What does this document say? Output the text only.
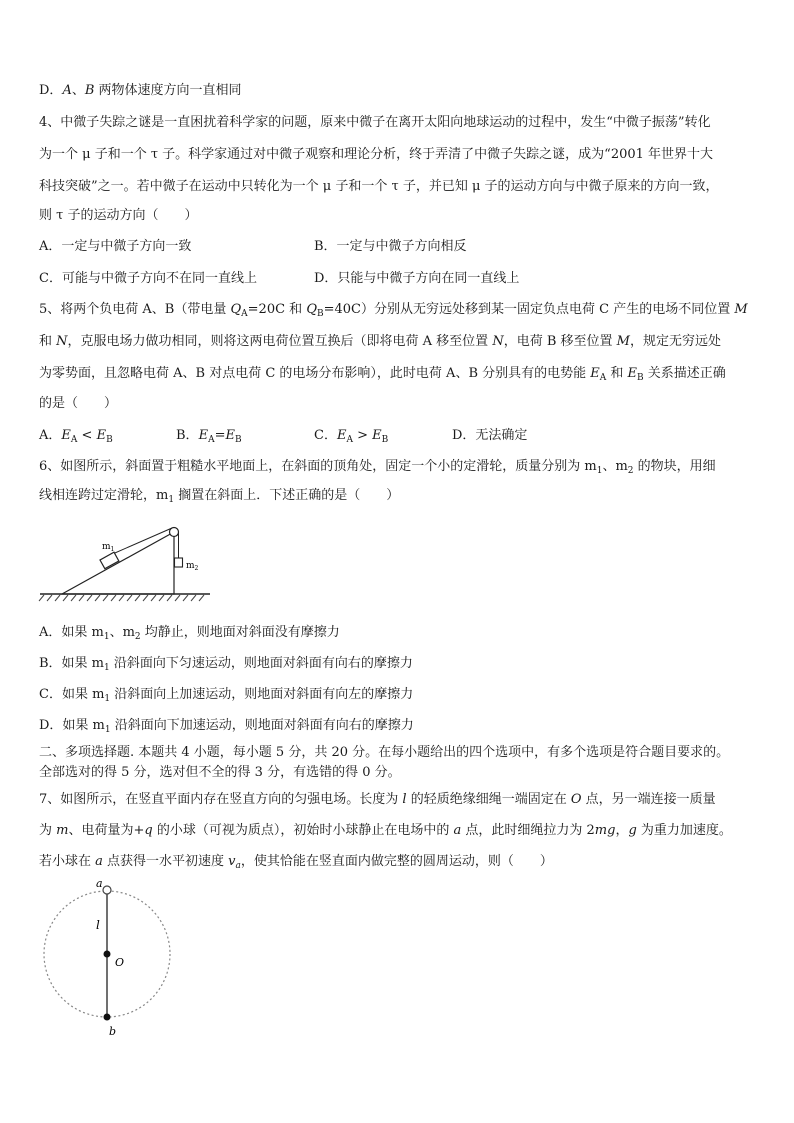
D．A、B 两物体速度方向一直相同
4、中微子失踪之谜是一直困扰着科学家的问题，原来中微子在离开太阳向地球运动的过程中，发生“中微子振荡”转化
为一个 μ 子和一个 τ 子。科学家通过对中微子观察和理论分析，终于弄清了中微子失踪之谜，成为“2001 年世界十大
科技突破”之一。若中微子在运动中只转化为一个 μ 子和一个 τ 子，并已知 μ 子的运动方向与中微子原来的方向一致，
则 τ 子的运动方向（　　）
A．一定与中微子方向一致	B．一定与中微子方向相反
C．可能与中微子方向不在同一直线上	D．只能与中微子方向在同一直线上
5、将两个负电荷 A、B（带电量 $Q_A=20C$ 和 $Q_B=40C$）分别从无穷远处移到某一固定负点电荷 C 产生的电场不同位置 M
和 N，克服电场力做功相同，则将这两电荷位置互换后（即将电荷 A 移至位置 N，电荷 B 移至位置 M，规定无穷远处
为零势面，且忽略电荷 A、B 对点电荷 C 的电场分布影响），此时电荷 A、B 分别具有的电势能 $E_A$ 和 $E_B$ 关系描述正确
的是（　　）
A．$E_A < E_B$	B．$E_A=E_B$	C．$E_A > E_B$	D．无法确定
6、如图所示，斜面置于粗糙水平地面上，在斜面的顶角处，固定一个小的定滑轮，质量分别为 $m_1$、$m_2$ 的物块，用细
线相连跨过定滑轮，$m_1$ 搁置在斜面上．下述正确的是（　　）
$m_1$
$m_2$
A．如果 $m_1$、$m_2$ 均静止，则地面对斜面没有摩擦力
B．如果 $m_1$ 沿斜面向下匀速运动，则地面对斜面有向右的摩擦力
C．如果 $m_1$ 沿斜面向上加速运动，则地面对斜面有向左的摩擦力
D．如果 $m_1$ 沿斜面向下加速运动，则地面对斜面有向右的摩擦力
二、多项选择题. 本题共 4 小题，每小题 5 分，共 20 分。在每小题给出的四个选项中，有多个选项是符合题目要求的。
全部选对的得 5 分，选对但不全的得 3 分，有选错的得 0 分。
7、如图所示，在竖直平面内存在竖直方向的匀强电场。长度为 l 的轻质绝缘细绳一端固定在 O 点，另一端连接一质量
为 m、电荷量为+q 的小球（可视为质点），初始时小球静止在电场中的 a 点，此时细绳拉力为 2mg，g 为重力加速度。
若小球在 a 点获得一水平初速度 $v_a$，使其恰能在竖直面内做完整的圆周运动，则（　　）
a
l
O
b
